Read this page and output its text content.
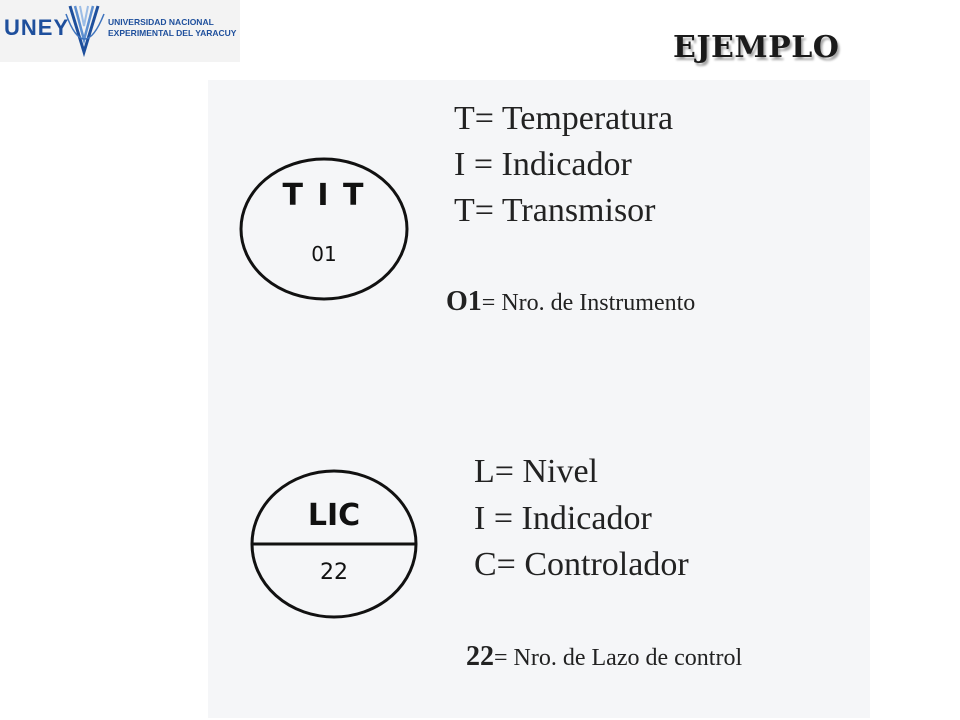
UNEY	UNIVERSIDAD NACIONAL
EXPERIMENTAL DEL YARACUY	EJEMPLO
T I T
01
T= Temperatura
I = Indicador
T= Transmisor
O1= Nro. de Instrumento
LIC
22
L= Nivel
I = Indicador
C= Controlador
22= Nro. de Lazo de control
